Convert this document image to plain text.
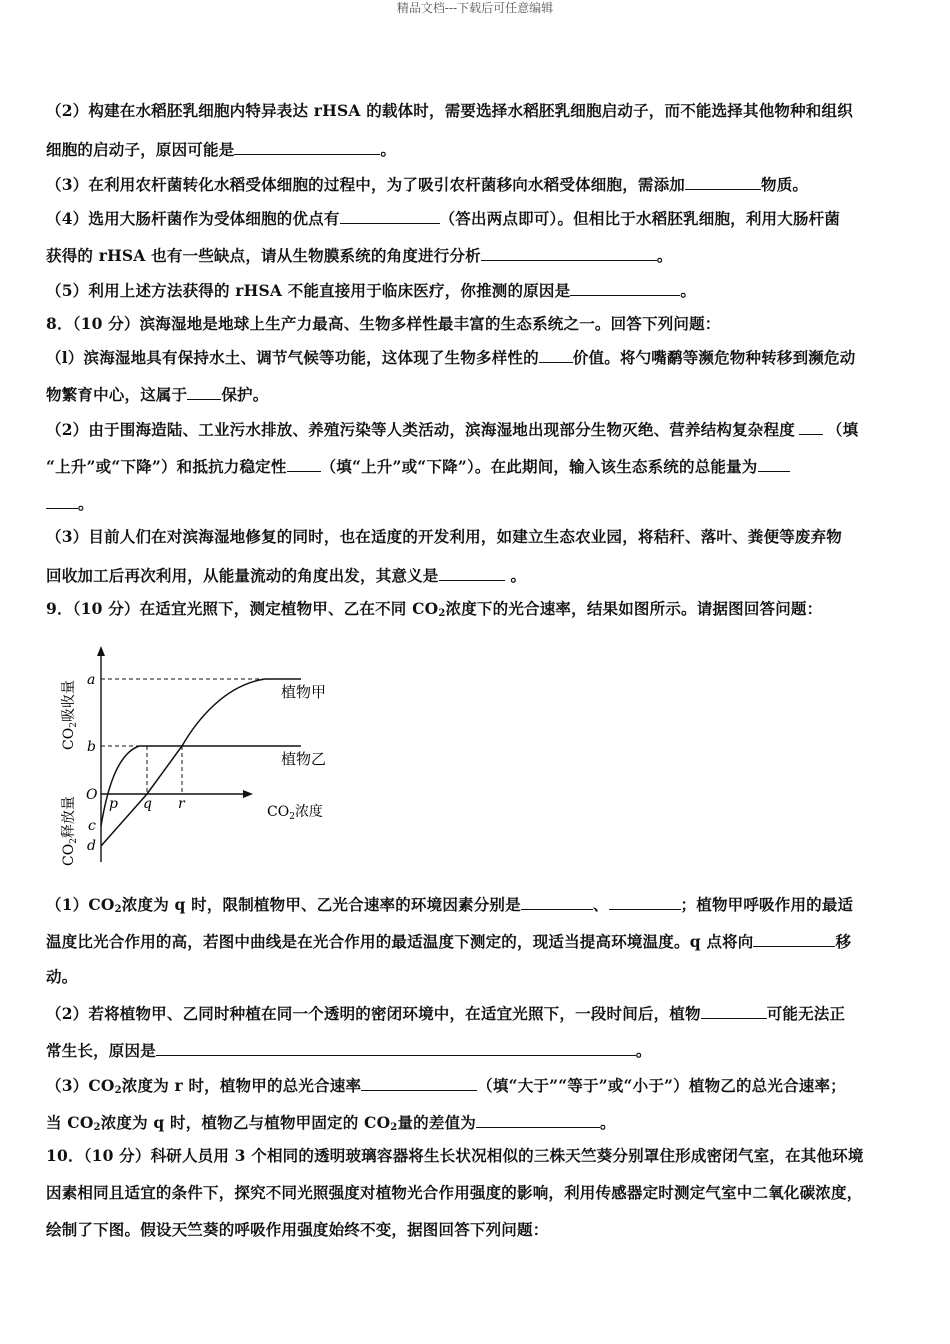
精品文档---下载后可任意编辑
（2）构建在水稻胚乳细胞内特异表达 rHSA 的载体时，需要选择水稻胚乳细胞启动子，而不能选择其他物种和组织
细胞的启动子，原因可能是	。
（3）在利用农杆菌转化水稻受体细胞的过程中，为了吸引农杆菌移向水稻受体细胞，需添加	物质。
（4）选用大肠杆菌作为受体细胞的优点有	（答出两点即可）。但相比于水稻胚乳细胞，利用大肠杆菌
获得的 rHSA 也有一些缺点，请从生物膜系统的角度进行分析	。
（5）利用上述方法获得的 rHSA 不能直接用于临床医疗，你推测的原因是	。
8．（10 分）滨海湿地是地球上生产力最高、生物多样性最丰富的生态系统之一。回答下列问题：
（l）滨海湿地具有保持水土、调节气候等功能，这体现了生物多样性的 价值。将勺嘴鹬等濒危物种转移到濒危动
物繁育中心，这属于 保护。
（2）由于围海造陆、工业污水排放、养殖污染等人类活动，滨海湿地出现部分生物灭绝、营养结构复杂程度 （填
“上升”或“下降”）和抵抗力稳定性 （填“上升”或“下降”）。在此期间，输入该生态系统的总能量为
。
（3）目前人们在对滨海湿地修复的同时，也在适度的开发利用，如建立生态农业园，将秸秆、落叶、粪便等废弃物
回收加工后再次利用，从能量流动的角度出发，其意义是	。
9．（10 分）在适宜光照下，测定植物甲、乙在不同 $CO_2$浓度下的光合速率，结果如图所示。请据图回答问题：
植物甲
植物乙
a
b
O
c
d
p q r	$CO_2$浓度
$CO_2$吸收量
$CO_2$释放量
$(1)CO_2$浓度为 q 时，限制植物甲、乙光合速率的环境因素分别是	、	；植物甲呼吸作用的最适
温度比光合作用的高，若图中曲线是在光合作用的最适温度下测定的，现适当提高环境温度。q 点将向	移
动。
（2）若将植物甲、乙同时种植在同一个透明的密闭环境中，在适宜光照下，一段时间后，植物	可能无法正
常生长，原因是	。
$(3)CO_2$浓度为 r 时，植物甲的总光合速率	（填“大于”“等于”或“小于”）植物乙的总光合速率；
当 $CO_2$浓度为 q 时，植物乙与植物甲固定的 $CO_2$量的差值为	。
10．（10 分）科研人员用 3 个相同的透明玻璃容器将生长状况相似的三株天竺葵分别罩住形成密闭气室，在其他环境
因素相同且适宜的条件下，探究不同光照强度对植物光合作用强度的影响，利用传感器定时测定气室中二氧化碳浓度，
绘制了下图。假设天竺葵的呼吸作用强度始终不变，据图回答下列问题：
